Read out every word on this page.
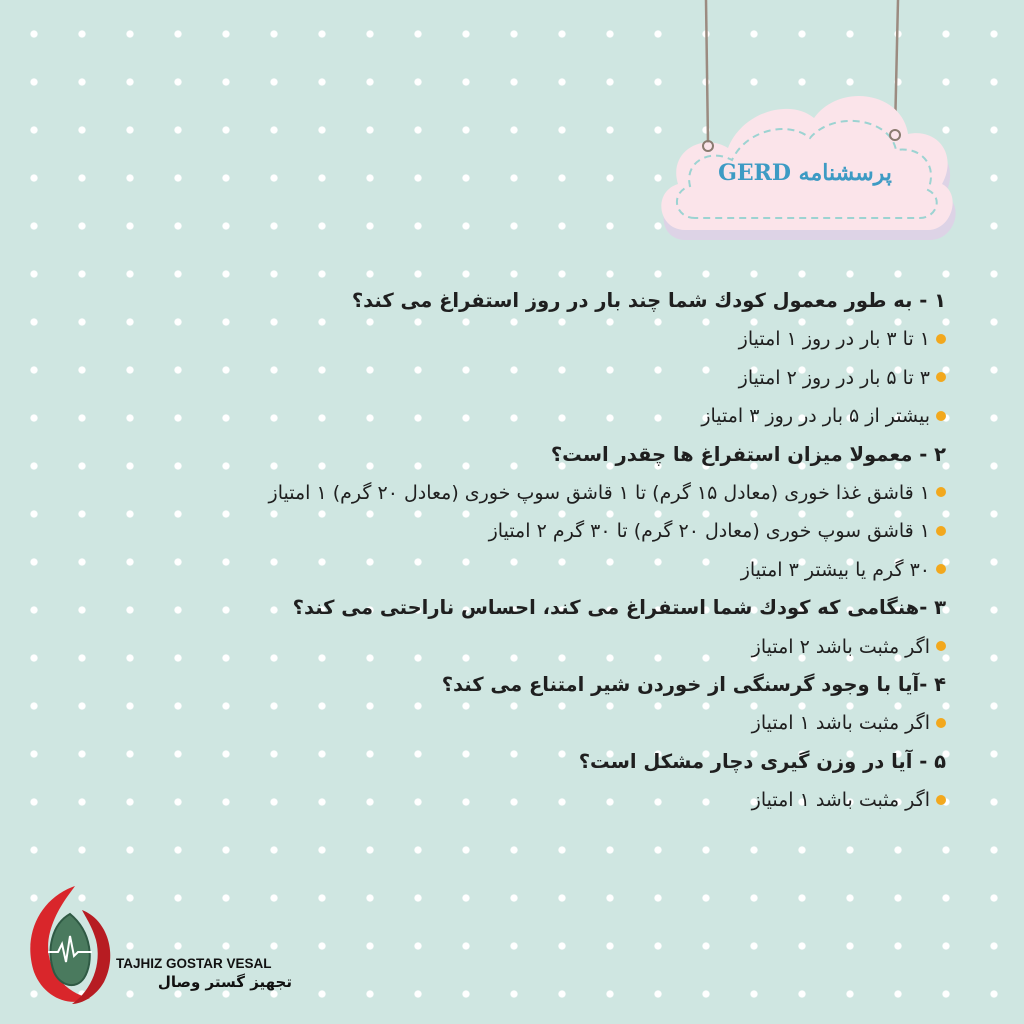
پرسشنامه GERD
۱ - به طور معمول کودك شما چند بار در روز استفراغ می کند؟
۱ تا ۳ بار در روز ۱ امتیاز
۳ تا ۵ بار در روز ۲ امتیاز
بیشتر از ۵ بار در روز ۳ امتیاز
۲ - معمولا میزان استفراغ ها چقدر است؟
۱ قاشق غذا خوری (معادل ۱۵ گرم) تا ۱ قاشق سوپ خوری (معادل ۲۰ گرم) ۱ امتیاز
۱ قاشق سوپ خوری (معادل ۲۰ گرم) تا ۳۰ گرم ۲ امتیاز
۳۰ گرم یا بیشتر ۳ امتیاز
۳ -هنگامی که کودك شما استفراغ می کند، احساس ناراحتی می کند؟
اگر مثبت باشد ۲ امتیاز
۴ -آیا با وجود گرسنگی از خوردن شیر امتناع می کند؟
اگر مثبت باشد ۱ امتیاز
۵ - آیا در وزن گیری دچار مشکل است؟
اگر مثبت باشد ۱ امتیاز
TAJHIZ GOSTAR VESAL
تجهیز گستر وصال
